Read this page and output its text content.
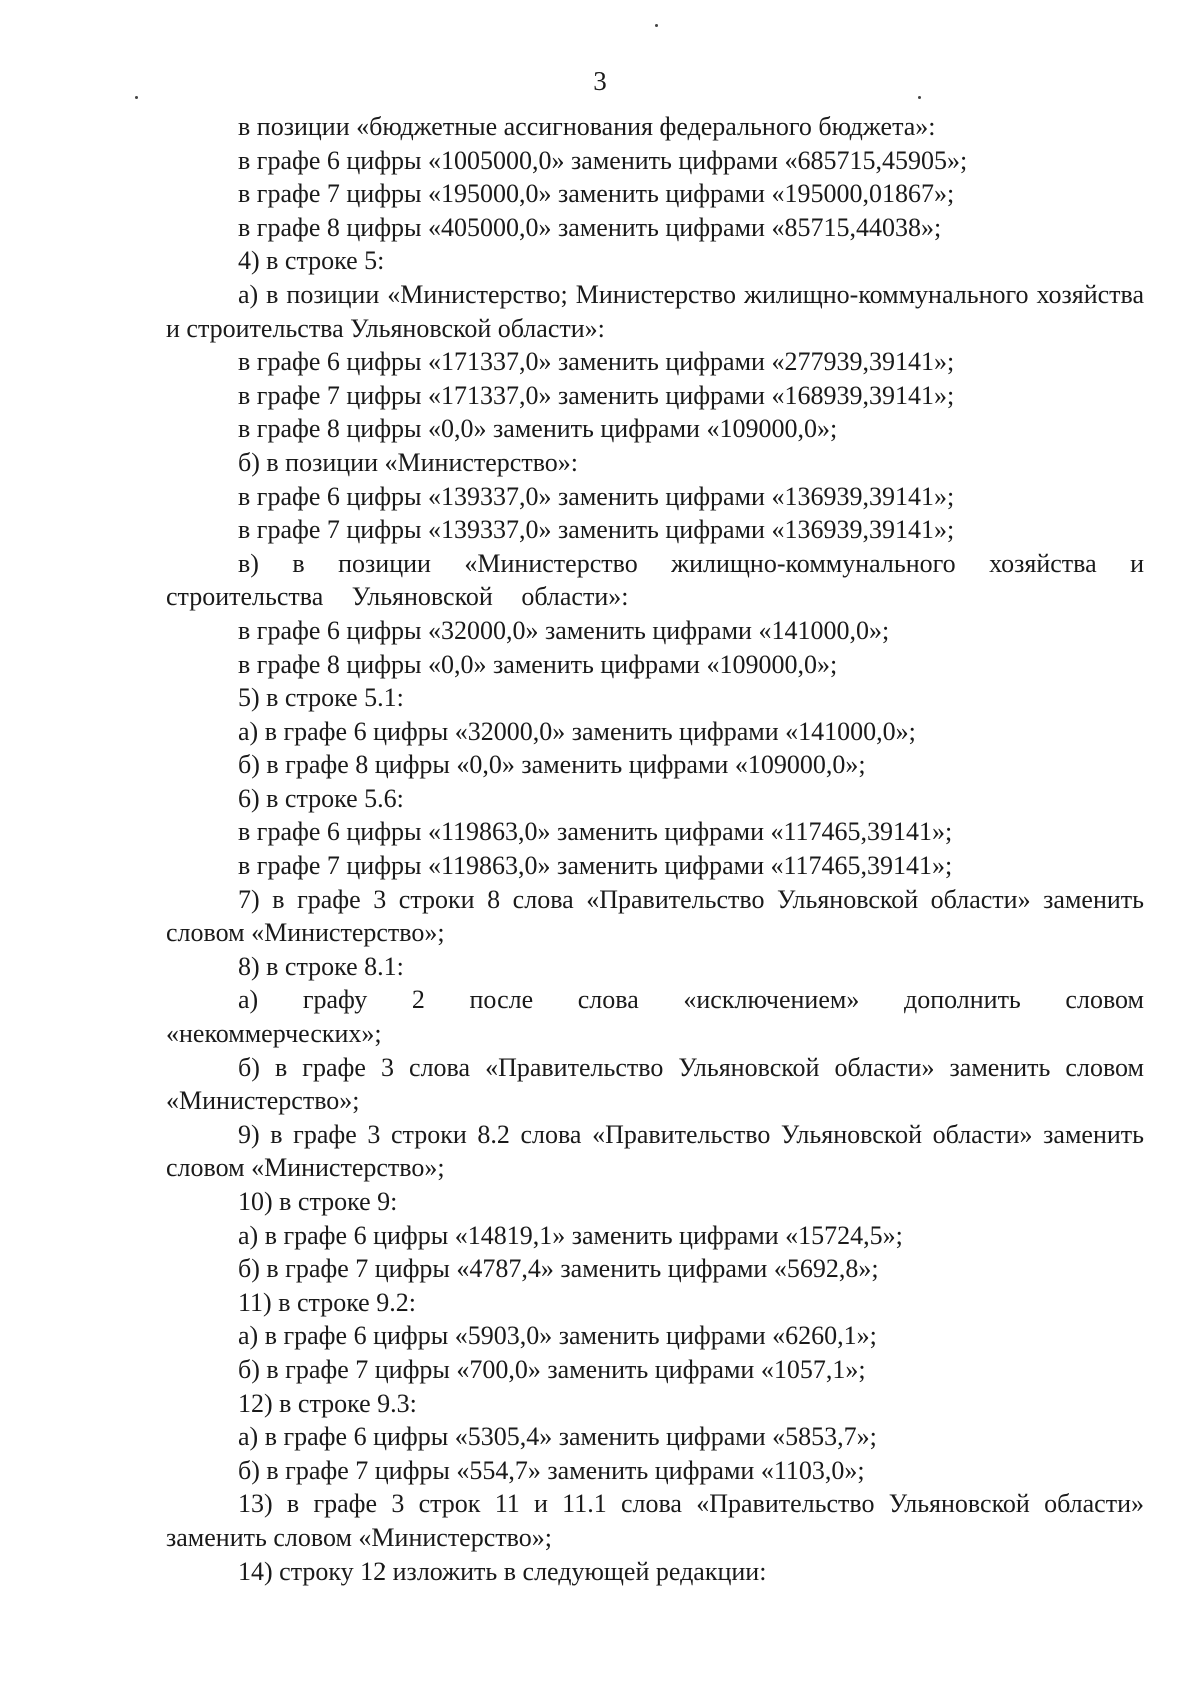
3

в позиции «бюджетные ассигнования федерального бюджета»:

в графе 6 цифры «1005000,0» заменить цифрами «685715,45905»;

в графе 7 цифры «195000,0» заменить цифрами «195000,01867»;

в графе 8 цифры «405000,0» заменить цифрами «85715,44038»;

4) в строке 5:

а) в позиции «Министерство; Министерство жилищно-коммунального хозяйства и строительства Ульяновской области»:

в графе 6 цифры «171337,0» заменить цифрами «277939,39141»;

в графе 7 цифры «171337,0» заменить цифрами «168939,39141»;

в графе 8 цифры «0,0» заменить цифрами «109000,0»;

б) в позиции «Министерство»:

в графе 6 цифры «139337,0» заменить цифрами «136939,39141»;

в графе 7 цифры «139337,0» заменить цифрами «136939,39141»;

в) в позиции «Министерство жилищно-коммунального хозяйства и строительства Ульяновской области»:

в графе 6 цифры «32000,0» заменить цифрами «141000,0»;

в графе 8 цифры «0,0» заменить цифрами «109000,0»;

5) в строке 5.1:

а) в графе 6 цифры «32000,0» заменить цифрами «141000,0»;

б) в графе 8 цифры «0,0» заменить цифрами «109000,0»;

6) в строке 5.6:

в графе 6 цифры «119863,0» заменить цифрами «117465,39141»;

в графе 7 цифры «119863,0» заменить цифрами «117465,39141»;

7) в графе 3 строки 8 слова «Правительство Ульяновской области» заменить словом «Министерство»;

8) в строке 8.1:

а) графу 2 после слова «исключением» дополнить словом «некоммерческих»;

б) в графе 3 слова «Правительство Ульяновской области» заменить словом «Министерство»;

9) в графе 3 строки 8.2 слова «Правительство Ульяновской области» заменить словом «Министерство»;

10) в строке 9:

а) в графе 6 цифры «14819,1» заменить цифрами «15724,5»;

б) в графе 7 цифры «4787,4» заменить цифрами «5692,8»;

11) в строке 9.2:

а) в графе 6 цифры «5903,0» заменить цифрами «6260,1»;

б) в графе 7 цифры «700,0» заменить цифрами «1057,1»;

12) в строке 9.3:

а) в графе 6 цифры «5305,4» заменить цифрами «5853,7»;

б) в графе 7 цифры «554,7» заменить цифрами «1103,0»;

13) в графе 3 строк 11 и 11.1 слова «Правительство Ульяновской области» заменить словом «Министерство»;

14) строку 12 изложить в следующей редакции:
